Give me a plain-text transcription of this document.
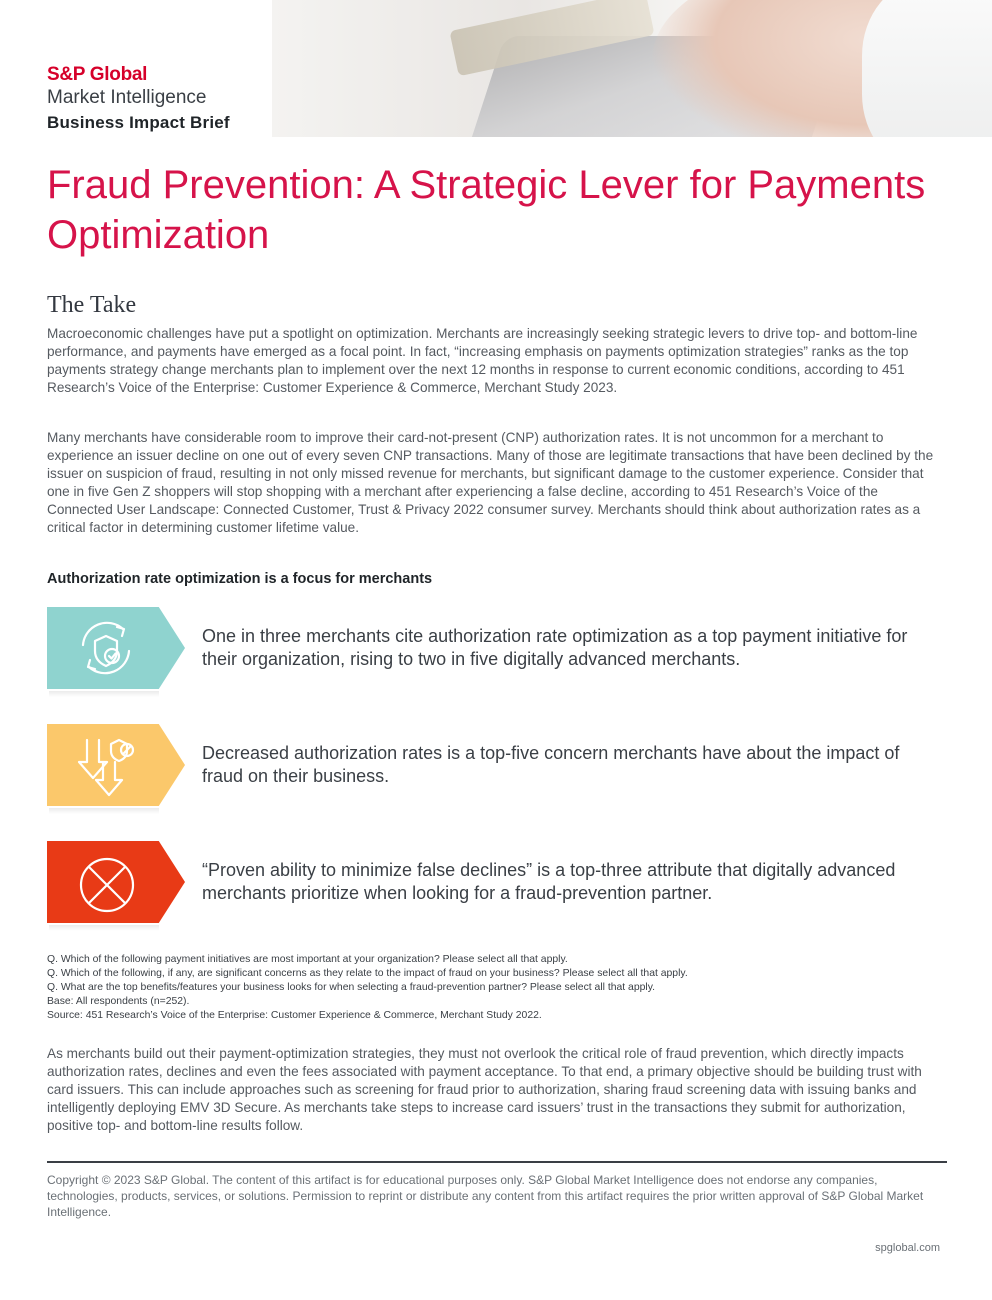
S&P Global
Market Intelligence
Business Impact Brief
Fraud Prevention: A Strategic Lever for Payments Optimization
The Take

Macroeconomic challenges have put a spotlight on optimization. Merchants are increasingly seeking strategic levers to drive top- and bottom-line performance, and payments have emerged as a focal point. In fact, “increasing emphasis on payments optimization strategies” ranks as the top payments strategy change merchants plan to implement over the next 12 months in response to current economic conditions, according to 451 Research’s Voice of the Enterprise: Customer Experience & Commerce, Merchant Study 2023.

Many merchants have considerable room to improve their card-not-present (CNP) authorization rates. It is not uncommon for a merchant to experience an issuer decline on one out of every seven CNP transactions. Many of those are legitimate transactions that have been declined by the issuer on suspicion of fraud, resulting in not only missed revenue for merchants, but significant damage to the customer experience. Consider that one in five Gen Z shoppers will stop shopping with a merchant after experiencing a false decline, according to 451 Research’s Voice of the Connected User Landscape: Connected Customer, Trust & Privacy 2022 consumer survey. Merchants should think about authorization rates as a critical factor in determining customer lifetime value.

Authorization rate optimization is a focus for merchants

One in three merchants cite authorization rate optimization as a top payment initiative for their organization, rising to two in five digitally advanced merchants.

Decreased authorization rates is a top-five concern merchants have about the impact of fraud on their business.

“Proven ability to minimize false declines” is a top-three attribute that digitally advanced merchants prioritize when looking for a fraud-prevention partner.

Q. Which of the following payment initiatives are most important at your organization? Please select all that apply.
Q. Which of the following, if any, are significant concerns as they relate to the impact of fraud on your business? Please select all that apply.
Q. What are the top benefits/features your business looks for when selecting a fraud-prevention partner? Please select all that apply.
Base: All respondents (n=252).
Source: 451 Research’s Voice of the Enterprise: Customer Experience & Commerce, Merchant Study 2022.

As merchants build out their payment-optimization strategies, they must not overlook the critical role of fraud prevention, which directly impacts authorization rates, declines and even the fees associated with payment acceptance. To that end, a primary objective should be building trust with card issuers. This can include approaches such as screening for fraud prior to authorization, sharing fraud screening data with issuing banks and intelligently deploying EMV 3D Secure. As merchants take steps to increase card issuers’ trust in the transactions they submit for authorization, positive top- and bottom-line results follow.

Copyright © 2023 S&P Global. The content of this artifact is for educational purposes only. S&P Global Market Intelligence does not endorse any companies, technologies, products, services, or solutions. Permission to reprint or distribute any content from this artifact requires the prior written approval of S&P Global Market Intelligence.

spglobal.com
